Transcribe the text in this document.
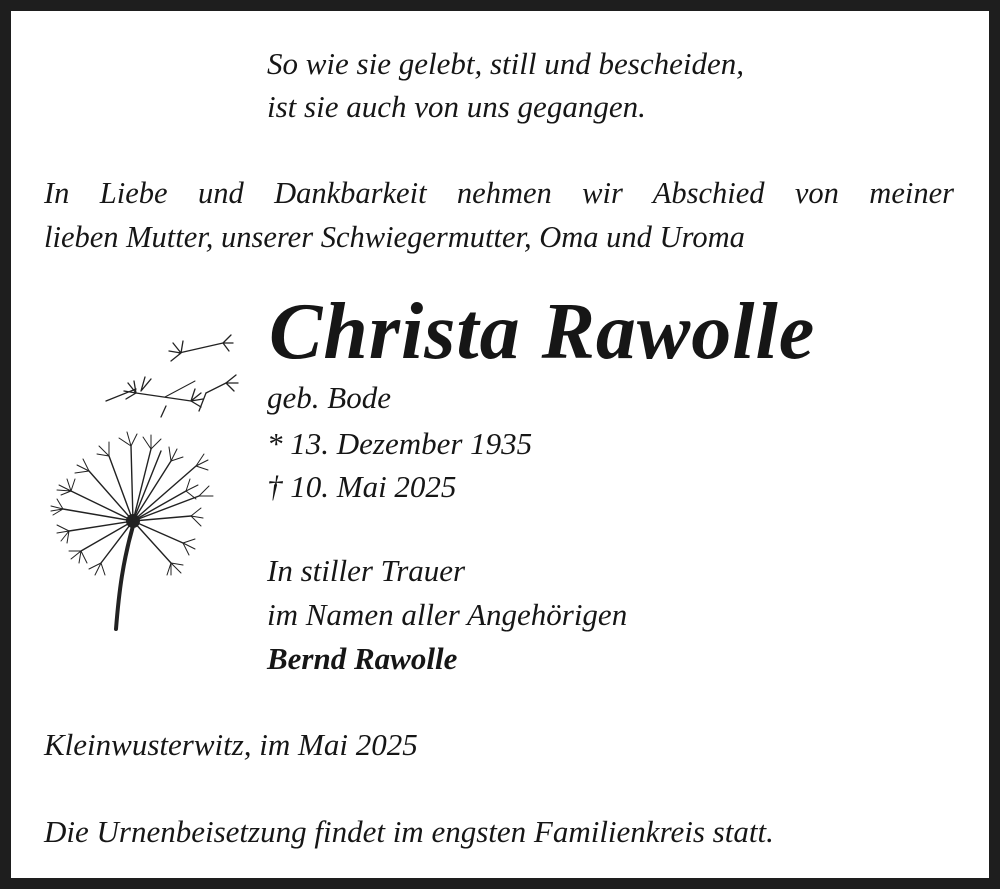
So wie sie gelebt, still und bescheiden,
ist sie auch von uns gegangen.
In Liebe und Dankbarkeit nehmen wir Abschied von meiner
lieben Mutter, unserer Schwiegermutter, Oma und Uroma
Christa Rawolle
geb. Bode
* 13. Dezember 1935
† 10. Mai 2025
In stiller Trauer
im Namen aller Angehörigen
Bernd Rawolle
Kleinwusterwitz, im Mai 2025
Die Urnenbeisetzung findet im engsten Familienkreis statt.
